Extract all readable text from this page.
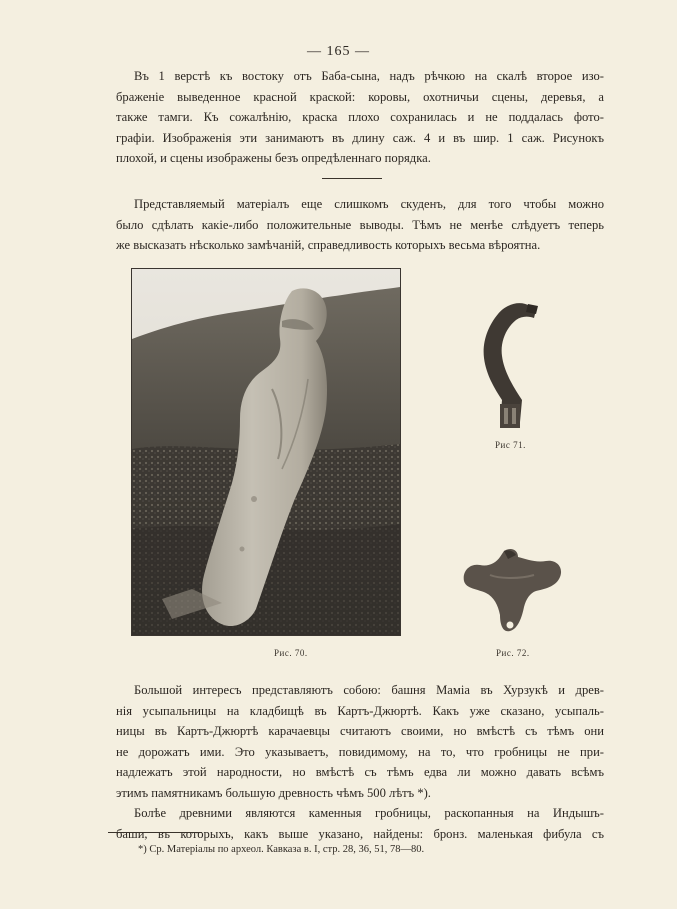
— 165 —
Въ 1 верстѣ къ востоку отъ Баба-сына, надъ рѣчкою на скалѣ второе изо-
браженіе выведенное красной краской: коровы, охотничьи сцены, деревья, а
также тамги. Къ сожалѣнію, краска плохо сохранилась и не поддалась фото-
графіи. Изображенія эти занимаютъ въ длину саж. 4 и въ шир. 1 саж. Рисунокъ
плохой, и сцены изображены безъ опредѣленнаго порядка.
Представляемый матеріалъ еще слишкомъ скуденъ, для того чтобы можно
было сдѣлать какіе-либо положительные выводы. Тѣмъ не менѣе слѣдуетъ теперь
же высказать нѣсколько замѣчаній, справедливость которыхъ весьма вѣроятна.
Рис. 70.
Рис 71.
Рис. 72.
Большой интересъ представляютъ собою: башня Маміа въ Хурзукѣ и древ-
нія усыпальницы на кладбищѣ въ Картъ-Джюртѣ. Какъ уже сказано, усыпаль-
ницы въ Картъ-Джюртѣ карачаевцы считаютъ своими, но вмѣстѣ съ тѣмъ они
не дорожатъ ими. Это указываетъ, повидимому, на то, что гробницы не при-
надлежатъ этой народности, но вмѣстѣ съ тѣмъ едва ли можно давать всѣмъ
этимъ памятникамъ большую древность чѣмъ 500 лѣтъ *).
Болѣе древними являются каменныя гробницы, раскопанныя на Индышъ-
баши, въ которыхъ, какъ выше указано, найдены: бронз. маленькая фибула съ
*) Ср. Матеріалы по археол. Кавказа в. I, стр. 28, 36, 51, 78—80.
